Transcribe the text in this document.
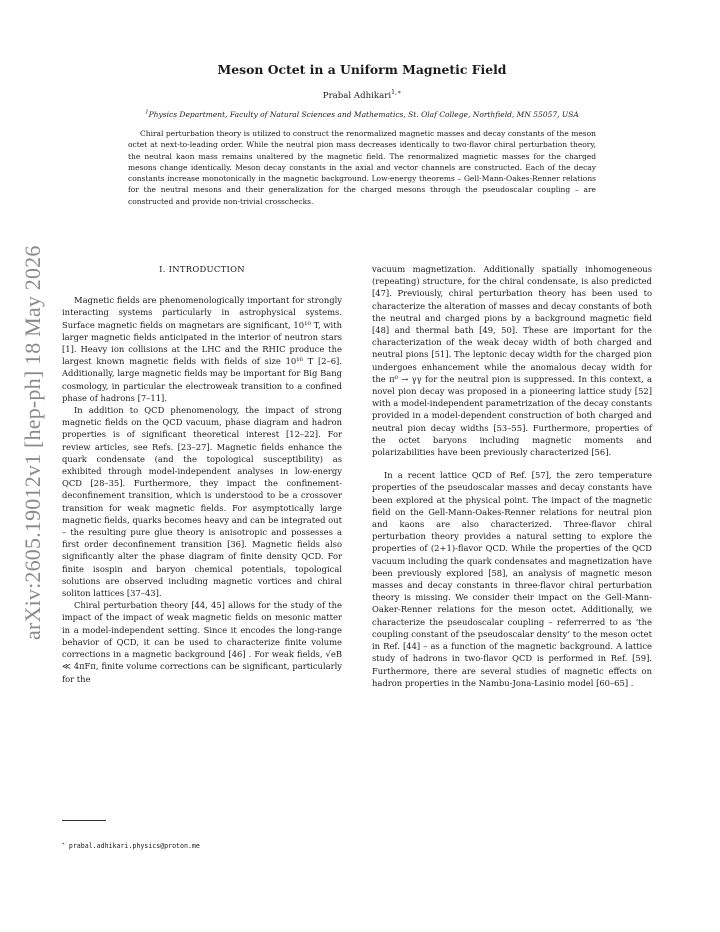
arXiv:2605.19012v1 [hep-ph] 18 May 2026
Meson Octet in a Uniform Magnetic Field
Prabal Adhikari$^{1,∗}$
$^1$Physics Department, Faculty of Natural Sciences and Mathematics, St. Olaf College, Northfield, MN 55057, USA

Chiral perturbation theory is utilized to construct the renormalized magnetic masses and decay constants of the meson octet at next-to-leading order. While the neutral pion mass decreases identically to two-flavor chiral perturbation theory, the neutral kaon mass remains unaltered by the magnetic field. The renormalized magnetic masses for the charged mesons change identically. Meson decay constants in the axial and vector channels are constructed. Each of the decay constants increase monotonically in the magnetic background. Low-energy theorems – Gell-Mann-Oakes-Renner relations for the neutral mesons and their generalization for the charged mesons through the pseudoscalar coupling – are constructed and provide non-trivial crosschecks.

I. INTRODUCTION

Magnetic fields are phenomenologically important for strongly interacting systems particularly in astrophysical systems. Surface magnetic fields on magnetars are significant, 10¹⁰ T, with larger magnetic fields anticipated in the interior of neutron stars [1]. Heavy ion collisions at the LHC and the RHIC produce the largest known magnetic fields with fields of size 10¹⁶ T [2–6]. Additionally, large magnetic fields may be important for Big Bang cosmology, in particular the electroweak transition to a confined phase of hadrons [7–11].

In addition to QCD phenomenology, the impact of strong magnetic fields on the QCD vacuum, phase diagram and hadron properties is of significant theoretical interest [12–22]. For review articles, see Refs. [23–27]. Magnetic fields enhance the quark condensate (and the topological susceptibility) as exhibited through model-independent analyses in low-energy QCD [28–35]. Furthermore, they impact the confinement-deconfinement transition, which is understood to be a crossover transition for weak magnetic fields. For asymptotically large magnetic fields, quarks becomes heavy and can be integrated out – the resulting pure glue theory is anisotropic and possesses a first order deconfinement transition [36]. Magnetic fields also significantly alter the phase diagram of finite density QCD. For finite isospin and baryon chemical potentials, topological solutions are observed including magnetic vortices and chiral soliton lattices [37–43].

Chiral perturbation theory [44, 45] allows for the study of the impact of the impact of weak magnetic fields on mesonic matter in a model-independent setting. Since it encodes the long-range behavior of QCD, it can be used to characterize finite volume corrections in a magnetic background [46] . For weak fields, √eB ≪ 4πFπ, finite volume corrections can be significant, particularly for the

vacuum magnetization. Additionally spatially inhomogeneous (repeating) structure, for the chiral condensate, is also predicted [47]. Previously, chiral perturbation theory has been used to characterize the alteration of masses and decay constants of both the neutral and charged pions by a background magnetic field [48] and thermal bath [49, 50]. These are important for the characterization of the weak decay width of both charged and neutral pions [51]. The leptonic decay width for the charged pion undergoes enhancement while the anomalous decay width for the π⁰ → γγ for the neutral pion is suppressed. In this context, a novel pion decay was proposed in a pioneering lattice study [52] with a model-independent parametrization of the decay constants provided in a model-dependent construction of both charged and neutral pion decay widths [53–55]. Furthermore, properties of the octet baryons including magnetic moments and polarizabilities have been previously characterized [56].

In a recent lattice QCD of Ref. [57], the zero temperature properties of the pseudoscalar masses and decay constants have been explored at the physical point. The impact of the magnetic field on the Gell-Mann-Oakes-Renner relations for neutral pion and kaons are also characterized. Three-flavor chiral perturbation theory provides a natural setting to explore the properties of (2+1)-flavor QCD. While the properties of the QCD vacuum including the quark condensates and magnetization have been previously explored [58], an analysis of magnetic meson masses and decay constants in three-flavor chiral perturbation theory is missing. We consider their impact on the Gell-Mann-Oaker-Renner relations for the meson octet. Additionally, we characterize the pseudoscalar coupling – referrerred to as ‘the coupling constant of the pseudoscalar density’ to the meson octet in Ref. [44] – as a function of the magnetic background. A lattice study of hadrons in two-flavor QCD is performed in Ref. [59]. Furthermore, there are several studies of magnetic effects on hadron properties in the Nambu-Jona-Lasinio model [60–65] .

∗ prabal.adhikari.physics@proton.me
